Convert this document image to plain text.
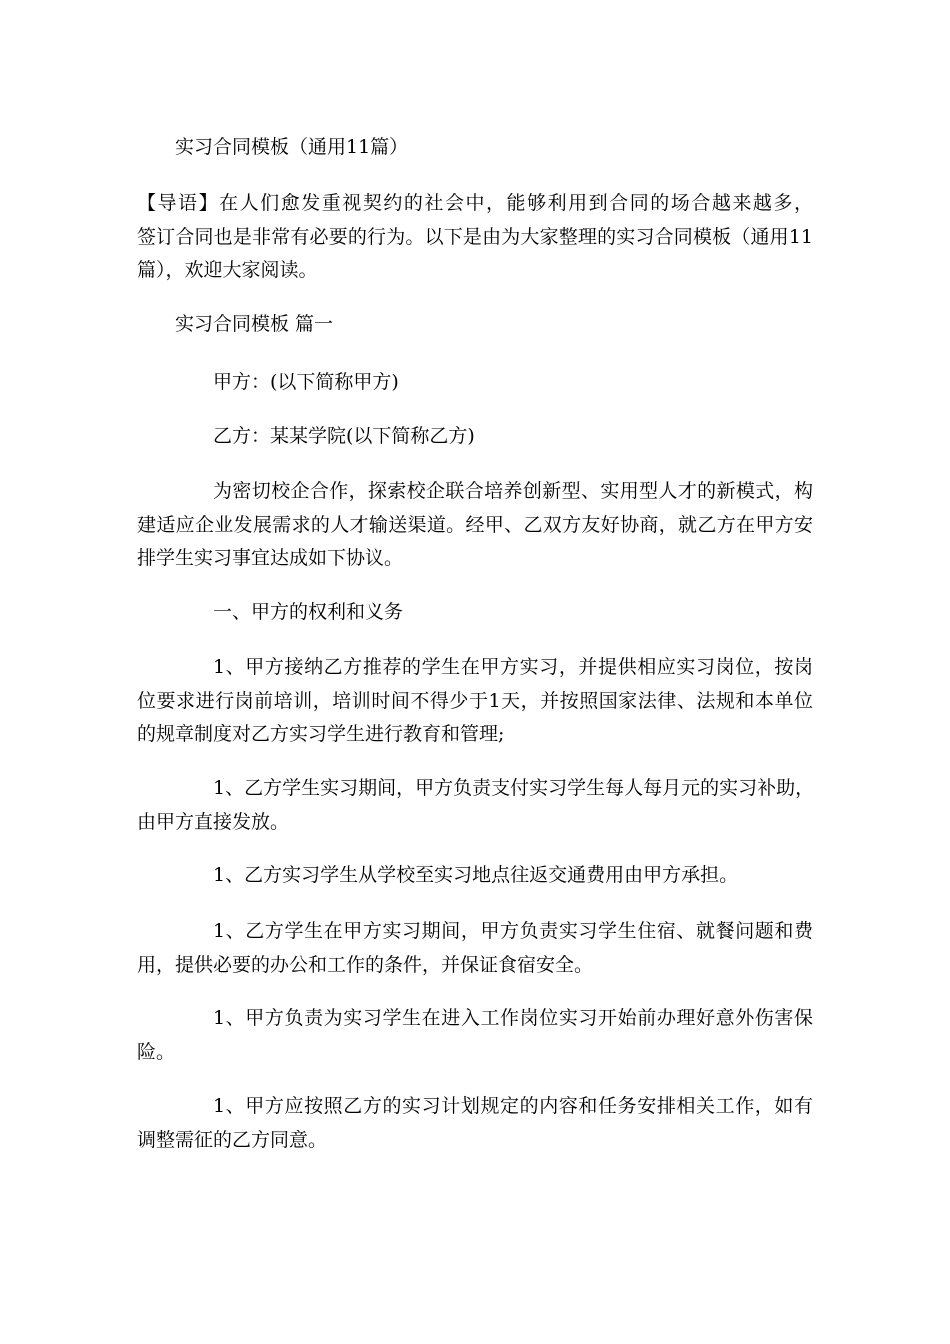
实习合同模板（通用11篇）
【导语】在人们愈发重视契约的社会中，能够利用到合同的场合越来越多，
签订合同也是非常有必要的行为。以下是由为大家整理的实习合同模板（通用11
篇），欢迎大家阅读。
实习合同模板 篇一
甲方：(以下简称甲方)
乙方：某某学院(以下简称乙方)
为密切校企合作，探索校企联合培养创新型、实用型人才的新模式，构
建适应企业发展需求的人才输送渠道。经甲、乙双方友好协商，就乙方在甲方安
排学生实习事宜达成如下协议。
一、甲方的权利和义务
1、甲方接纳乙方推荐的学生在甲方实习，并提供相应实习岗位，按岗
位要求进行岗前培训，培训时间不得少于1天，并按照国家法律、法规和本单位
的规章制度对乙方实习学生进行教育和管理;
1、乙方学生实习期间，甲方负责支付实习学生每人每月元的实习补助，
由甲方直接发放。
1、乙方实习学生从学校至实习地点往返交通费用由甲方承担。
1、乙方学生在甲方实习期间，甲方负责实习学生住宿、就餐问题和费
用，提供必要的办公和工作的条件，并保证食宿安全。
1、甲方负责为实习学生在进入工作岗位实习开始前办理好意外伤害保
险。
1、甲方应按照乙方的实习计划规定的内容和任务安排相关工作，如有
调整需征的乙方同意。
